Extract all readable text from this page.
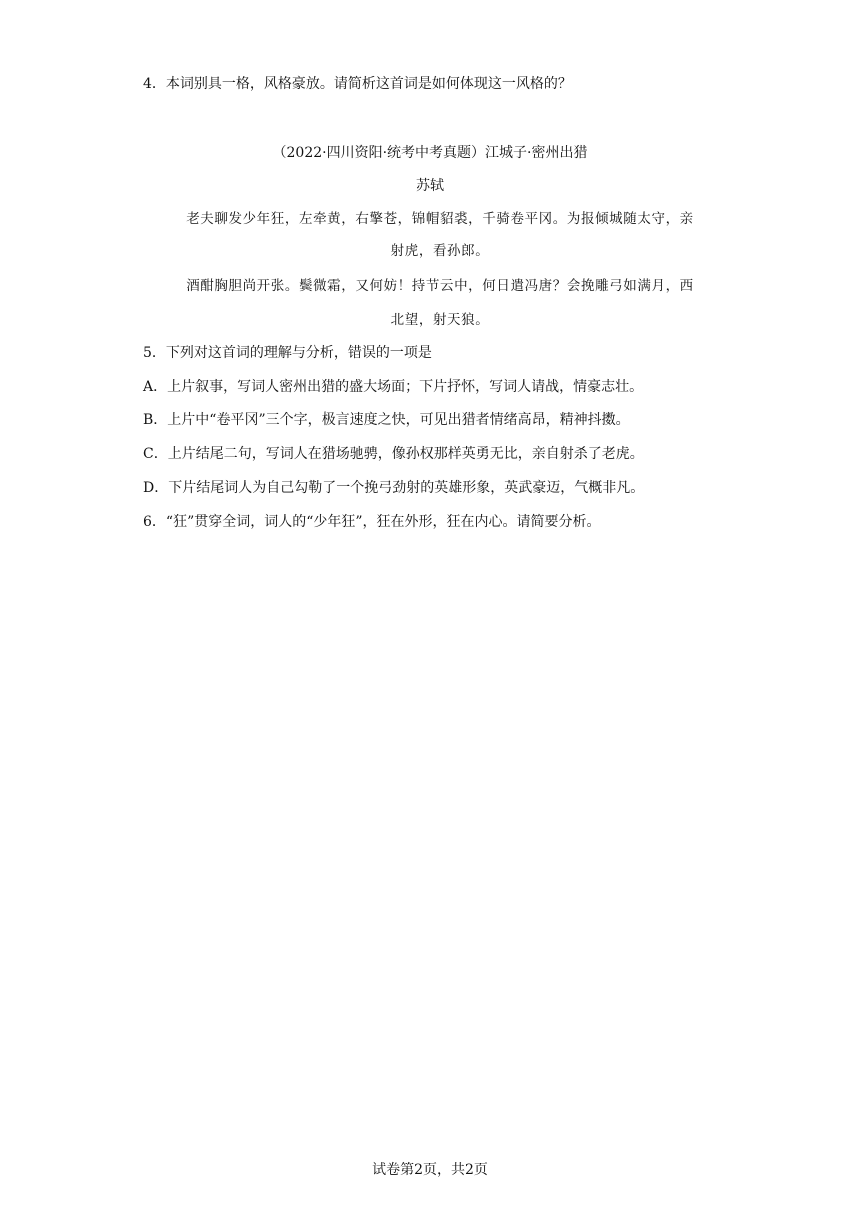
4．本词别具一格，风格豪放。请简析这首词是如何体现这一风格的？
（2022·四川资阳·统考中考真题）江城子·密州出猎
苏轼
老夫聊发少年狂，左牵黄，右擎苍，锦帽貂裘，千骑卷平冈。为报倾城随太守，亲
射虎，看孙郎。
酒酣胸胆尚开张。鬓微霜，又何妨！持节云中，何日遣冯唐？会挽雕弓如满月，西
北望，射天狼。
5．下列对这首词的理解与分析，错误的一项是
A．上片叙事，写词人密州出猎的盛大场面；下片抒怀，写词人请战，情豪志壮。
B．上片中“卷平冈”三个字，极言速度之快，可见出猎者情绪高昂，精神抖擞。
C．上片结尾二句，写词人在猎场驰骋，像孙权那样英勇无比，亲自射杀了老虎。
D．下片结尾词人为自己勾勒了一个挽弓劲射的英雄形象，英武豪迈，气概非凡。
6．“狂”贯穿全词，词人的“少年狂”，狂在外形，狂在内心。请简要分析。
试卷第2页，共2页
